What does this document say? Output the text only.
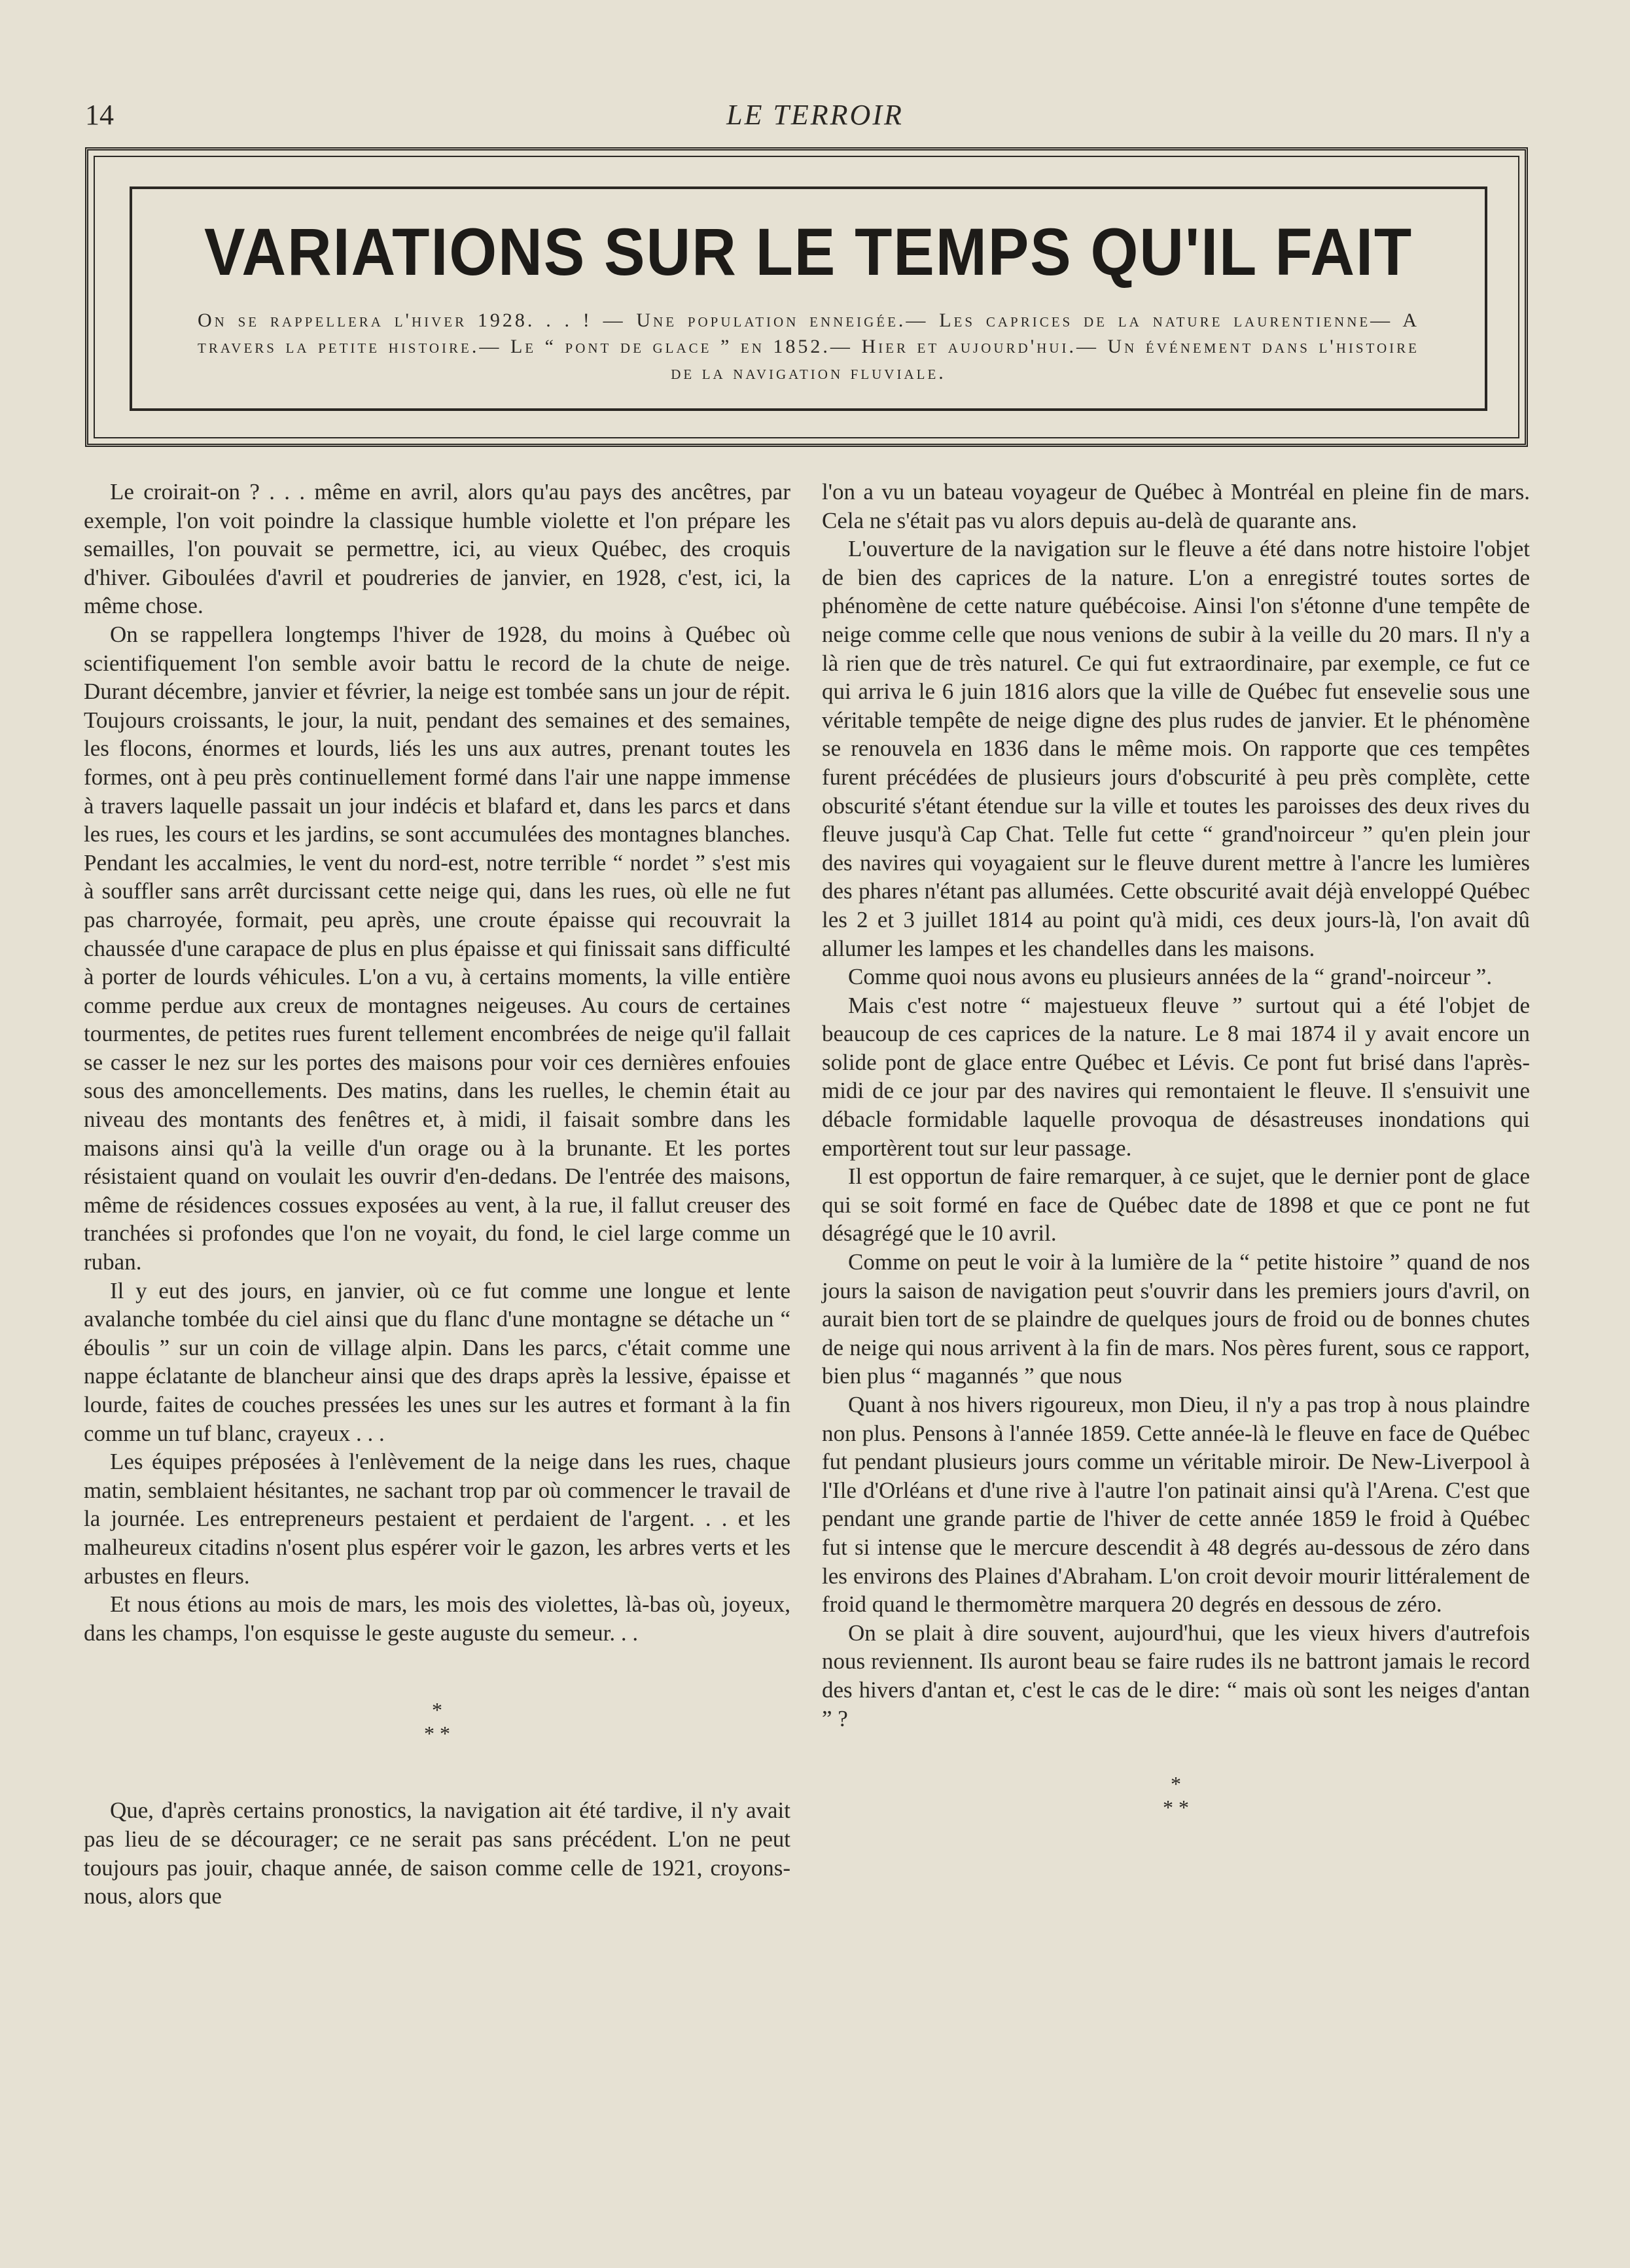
14	LE TERROIR
VARIATIONS SUR LE TEMPS QU'IL FAIT
On se rappellera l'hiver 1928. . . ! — Une population enneigée.— Les caprices de la nature laurentienne— A travers la petite histoire.— Le “ pont de glace ” en 1852.— Hier et aujourd'hui.— Un événement dans l'histoire de la navigation fluviale.

Le croirait-on ? . . . même en avril, alors qu'au pays des ancêtres, par exemple, l'on voit poindre la classique humble violette et l'on prépare les semailles, l'on pouvait se permettre, ici, au vieux Québec, des croquis d'hiver. Giboulées d'avril et poudreries de janvier, en 1928, c'est, ici, la même chose.

On se rappellera longtemps l'hiver de 1928, du moins à Québec où scientifiquement l'on semble avoir battu le record de la chute de neige. Durant décembre, janvier et février, la neige est tombée sans un jour de répit. Toujours croissants, le jour, la nuit, pendant des semaines et des semaines, les flocons, énormes et lourds, liés les uns aux autres, prenant toutes les formes, ont à peu près continuellement formé dans l'air une nappe immense à travers laquelle passait un jour indécis et blafard et, dans les parcs et dans les rues, les cours et les jardins, se sont accumulées des montagnes blanches. Pendant les accalmies, le vent du nord-est, notre terrible “ nordet ” s'est mis à souffler sans arrêt durcissant cette neige qui, dans les rues, où elle ne fut pas charroyée, formait, peu après, une croute épaisse qui recouvrait la chaussée d'une carapace de plus en plus épaisse et qui finissait sans difficulté à porter de lourds véhicules. L'on a vu, à certains moments, la ville entière comme perdue aux creux de montagnes neigeuses. Au cours de certaines tourmentes, de petites rues furent tellement encombrées de neige qu'il fallait se casser le nez sur les portes des maisons pour voir ces dernières enfouies sous des amoncellements. Des matins, dans les ruelles, le chemin était au niveau des montants des fenêtres et, à midi, il faisait sombre dans les maisons ainsi qu'à la veille d'un orage ou à la brunante. Et les portes résistaient quand on voulait les ouvrir d'en-dedans. De l'entrée des maisons, même de résidences cossues exposées au vent, à la rue, il fallut creuser des tranchées si profondes que l'on ne voyait, du fond, le ciel large comme un ruban.

Il y eut des jours, en janvier, où ce fut comme une longue et lente avalanche tombée du ciel ainsi que du flanc d'une montagne se détache un “ éboulis ” sur un coin de village alpin. Dans les parcs, c'était comme une nappe éclatante de blancheur ainsi que des draps après la lessive, épaisse et lourde, faites de couches pressées les unes sur les autres et formant à la fin comme un tuf blanc, crayeux . . .

Les équipes préposées à l'enlèvement de la neige dans les rues, chaque matin, semblaient hésitantes, ne sachant trop par où commencer le travail de la journée. Les entrepreneurs pestaient et perdaient de l'argent. . . et les malheureux citadins n'osent plus espérer voir le gazon, les arbres verts et les arbustes en fleurs.

Et nous étions au mois de mars, les mois des violettes, là-bas où, joyeux, dans les champs, l'on esquisse le geste auguste du semeur. . .

*
* *

Que, d'après certains pronostics, la navigation ait été tardive, il n'y avait pas lieu de se décourager; ce ne serait pas sans précédent. L'on ne peut toujours pas jouir, chaque année, de saison comme celle de 1921, croyons-nous, alors que

l'on a vu un bateau voyageur de Québec à Montréal en pleine fin de mars. Cela ne s'était pas vu alors depuis au-delà de quarante ans.

L'ouverture de la navigation sur le fleuve a été dans notre histoire l'objet de bien des caprices de la nature. L'on a enregistré toutes sortes de phénomène de cette nature québécoise. Ainsi l'on s'étonne d'une tempête de neige comme celle que nous venions de subir à la veille du 20 mars. Il n'y a là rien que de très naturel. Ce qui fut extraordinaire, par exemple, ce fut ce qui arriva le 6 juin 1816 alors que la ville de Québec fut ensevelie sous une véritable tempête de neige digne des plus rudes de janvier. Et le phénomène se renouvela en 1836 dans le même mois. On rapporte que ces tempêtes furent précédées de plusieurs jours d'obscurité à peu près complète, cette obscurité s'étant étendue sur la ville et toutes les paroisses des deux rives du fleuve jusqu'à Cap Chat. Telle fut cette “ grand'noirceur ” qu'en plein jour des navires qui voyagaient sur le fleuve durent mettre à l'ancre les lumières des phares n'étant pas allumées. Cette obscurité avait déjà enveloppé Québec les 2 et 3 juillet 1814 au point qu'à midi, ces deux jours-là, l'on avait dû allumer les lampes et les chandelles dans les maisons.

Comme quoi nous avons eu plusieurs années de la “ grand'-noirceur ”.

Mais c'est notre “ majestueux fleuve ” surtout qui a été l'objet de beaucoup de ces caprices de la nature. Le 8 mai 1874 il y avait encore un solide pont de glace entre Québec et Lévis. Ce pont fut brisé dans l'après-midi de ce jour par des navires qui remontaient le fleuve. Il s'ensuivit une débacle formidable laquelle provoqua de désastreuses inondations qui emportèrent tout sur leur passage.

Il est opportun de faire remarquer, à ce sujet, que le dernier pont de glace qui se soit formé en face de Québec date de 1898 et que ce pont ne fut désagrégé que le 10 avril.

Comme on peut le voir à la lumière de la “ petite histoire ” quand de nos jours la saison de navigation peut s'ouvrir dans les premiers jours d'avril, on aurait bien tort de se plaindre de quelques jours de froid ou de bonnes chutes de neige qui nous arrivent à la fin de mars. Nos pères furent, sous ce rapport, bien plus “ magannés ” que nous

Quant à nos hivers rigoureux, mon Dieu, il n'y a pas trop à nous plaindre non plus. Pensons à l'année 1859. Cette année-là le fleuve en face de Québec fut pendant plusieurs jours comme un véritable miroir. De New-Liverpool à l'Ile d'Orléans et d'une rive à l'autre l'on patinait ainsi qu'à l'Arena. C'est que pendant une grande partie de l'hiver de cette année 1859 le froid à Québec fut si intense que le mercure descendit à 48 degrés au-dessous de zéro dans les environs des Plaines d'Abraham. L'on croit devoir mourir littéralement de froid quand le thermomètre marquera 20 degrés en dessous de zéro.

On se plait à dire souvent, aujourd'hui, que les vieux hivers d'autrefois nous reviennent. Ils auront beau se faire rudes ils ne battront jamais le record des hivers d'antan et, c'est le cas de le dire: “ mais où sont les neiges d'antan ” ?

*
* *
